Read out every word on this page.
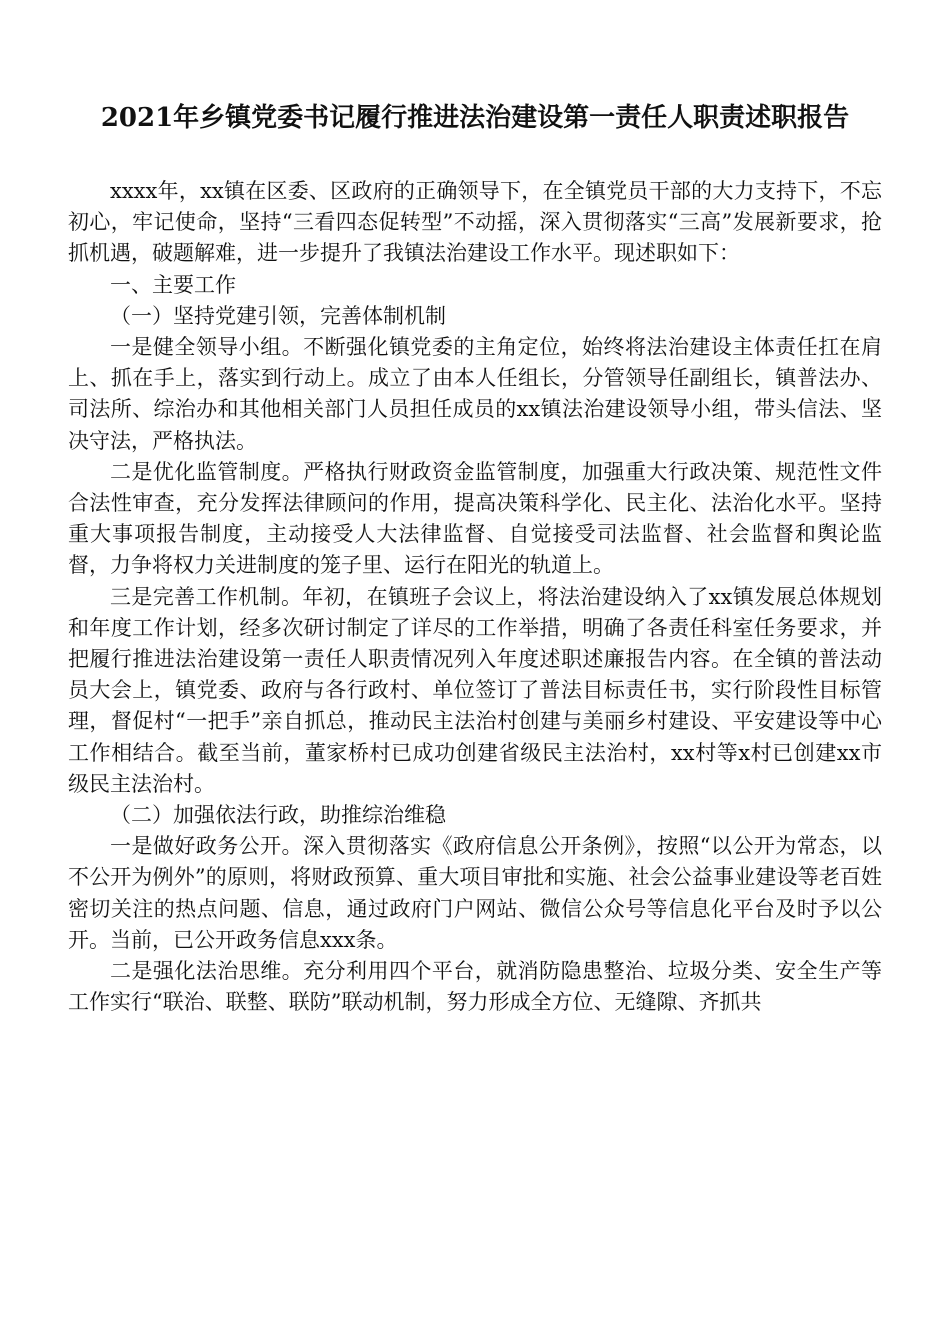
2021年乡镇党委书记履行推进法治建设第一责任人职责述职报告

xxxx年，xx镇在区委、区政府的正确领导下，在全镇党员干部的大力支持下，不忘初心，牢记使命，坚持“三看四态促转型”不动摇，深入贯彻落实“三高”发展新要求，抢抓机遇，破题解难，进一步提升了我镇法治建设工作水平。现述职如下：

一、主要工作

（一）坚持党建引领，完善体制机制

一是健全领导小组。不断强化镇党委的主角定位，始终将法治建设主体责任扛在肩上、抓在手上，落实到行动上。成立了由本人任组长，分管领导任副组长，镇普法办、司法所、综治办和其他相关部门人员担任成员的xx镇法治建设领导小组，带头信法、坚决守法，严格执法。

二是优化监管制度。严格执行财政资金监管制度，加强重大行政决策、规范性文件合法性审查，充分发挥法律顾问的作用，提高决策科学化、民主化、法治化水平。坚持重大事项报告制度，主动接受人大法律监督、自觉接受司法监督、社会监督和舆论监督，力争将权力关进制度的笼子里、运行在阳光的轨道上。

三是完善工作机制。年初，在镇班子会议上，将法治建设纳入了xx镇发展总体规划和年度工作计划，经多次研讨制定了详尽的工作举措，明确了各责任科室任务要求，并把履行推进法治建设第一责任人职责情况列入年度述职述廉报告内容。在全镇的普法动员大会上，镇党委、政府与各行政村、单位签订了普法目标责任书，实行阶段性目标管理，督促村“一把手”亲自抓总，推动民主法治村创建与美丽乡村建设、平安建设等中心工作相结合。截至当前，董家桥村已成功创建省级民主法治村，xx村等x村已创建xx市级民主法治村。

（二）加强依法行政，助推综治维稳

一是做好政务公开。深入贯彻落实《政府信息公开条例》，按照“以公开为常态，以不公开为例外”的原则，将财政预算、重大项目审批和实施、社会公益事业建设等老百姓密切关注的热点问题、信息，通过政府门户网站、微信公众号等信息化平台及时予以公开。当前，已公开政务信息xxx条。

二是强化法治思维。充分利用四个平台，就消防隐患整治、垃圾分类、安全生产等工作实行“联治、联整、联防”联动机制，努力形成全方位、无缝隙、齐抓共
